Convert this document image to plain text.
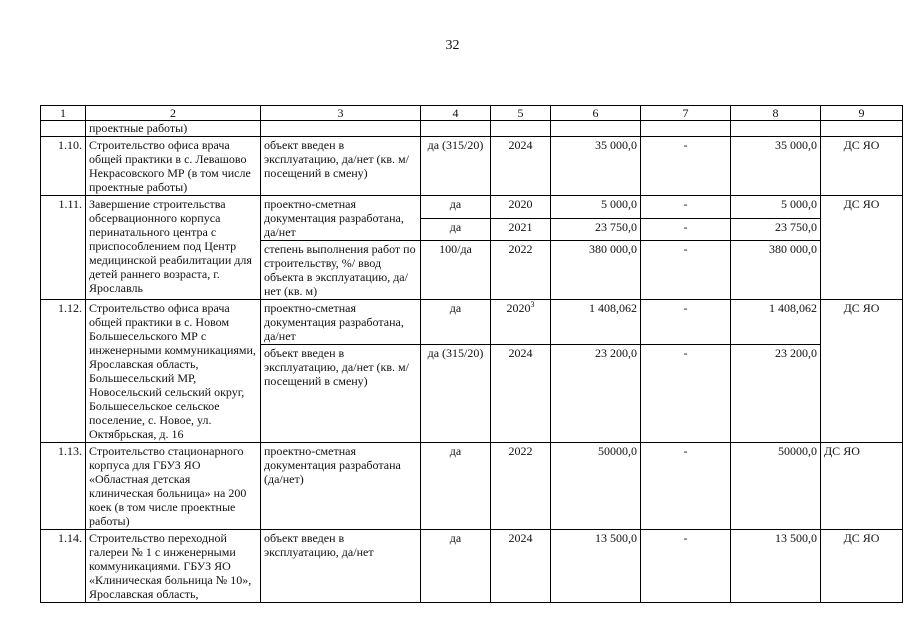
32
1	2	3	4	5	6	7	8	9
	проектные работы)							
1.10.	Строительство офиса врача общей практики в с. Левашово Некрасовского МР (в том числе проектные работы)	объект введен в эксплуатацию, да/нет (кв. м/ посещений в смену)	да (315/20)	2024	35 000,0	-	35 000,0	ДС ЯО
1.11.	Завершение строительства обсервационного корпуса перинатального центра с приспособлением под Центр медицинской реабилитации для детей раннего возраста, г. Ярославль	проектно-сметная документация разработана, да/нет	да	2020	5 000,0	-	5 000,0	ДС ЯО
			да	2021	23 750,0	-	23 750,0	
		степень выполнения работ по строительству, %/ ввод объекта в эксплуатацию, да/нет (кв. м)	100/да	2022	380 000,0	-	380 000,0	
1.12.	Строительство офиса врача общей практики в с. Новом Большесельского МР с инженерными коммуникациями, Ярославская область, Большесельский МР, Новосельский сельский округ, Большесельское сельское поселение, с. Новое, ул. Октябрьская, д. 16	проектно-сметная документация разработана, да/нет	да	2020$^3$	1 408,062	-	1 408,062	ДС ЯО
		объект введен в эксплуатацию, да/нет (кв. м/ посещений в смену)	да (315/20)	2024	23 200,0	-	23 200,0	
1.13.	Строительство стационарного корпуса для ГБУЗ ЯО «Областная детская клиническая больница» на 200 коек (в том числе проектные работы)	проектно-сметная документация разработана (да/нет)	да	2022	50000,0	-	50000,0	ДС ЯО
1.14.	Строительство переходной галереи № 1 с инженерными коммуникациями. ГБУЗ ЯО «Клиническая больница № 10», Ярославская область,	объект введен в эксплуатацию, да/нет	да	2024	13 500,0	-	13 500,0	ДС ЯО
